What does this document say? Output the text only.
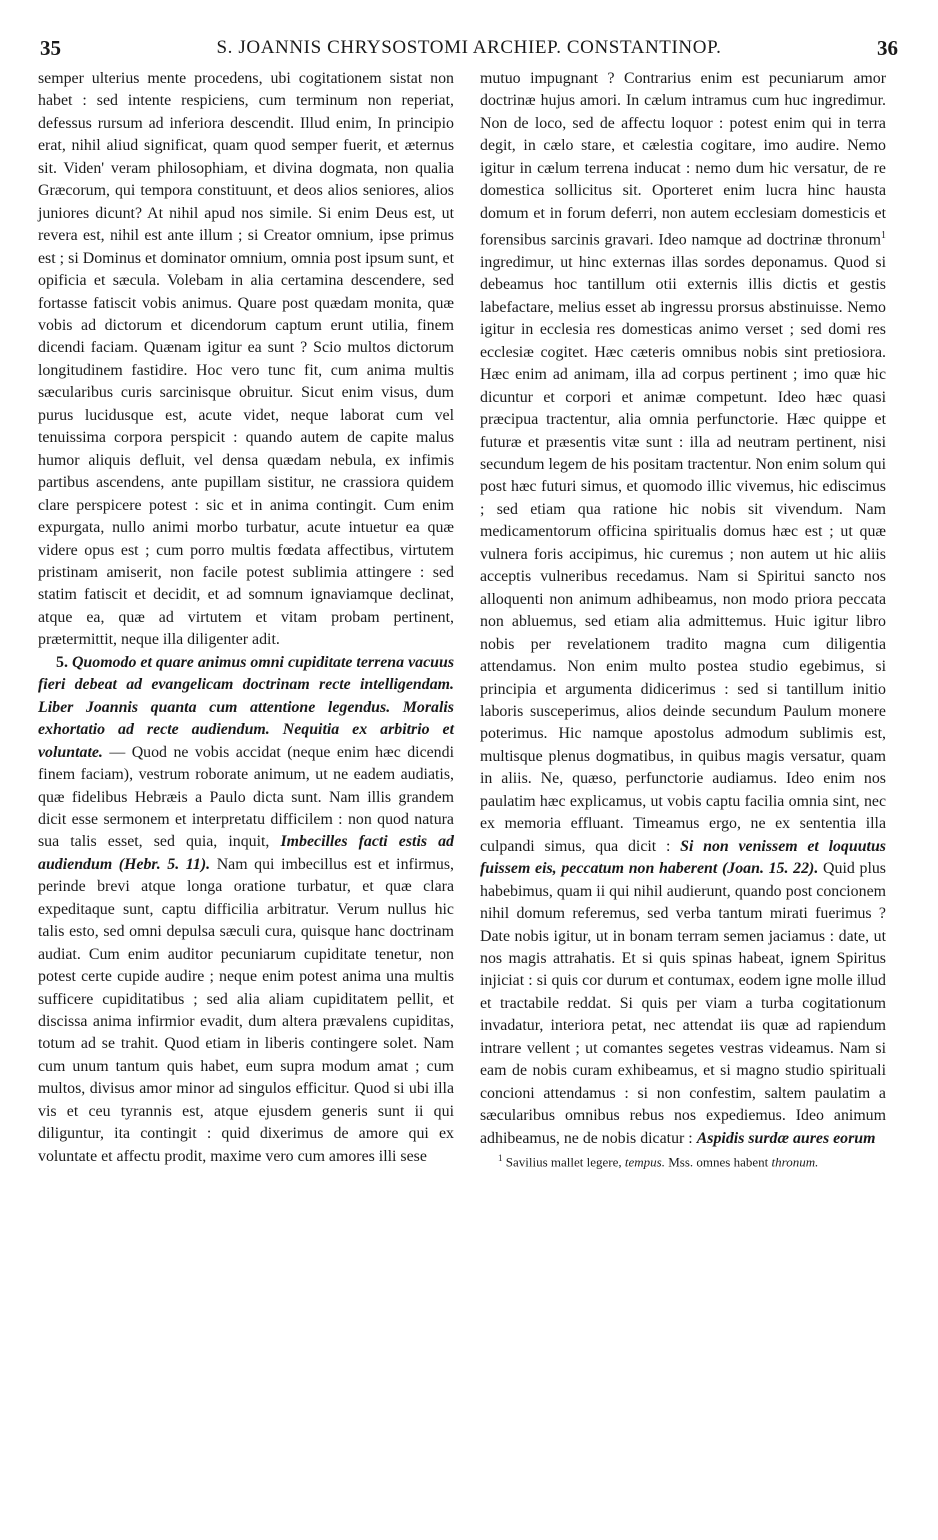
35	S. JOANNIS CHRYSOSTOMI ARCHIEP. CONSTANTINOP.	36

semper ulterius mente procedens, ubi cogitationem sistat non habet : sed intente respiciens, cum terminum non reperiat, defessus rursum ad inferiora descendit. Illud enim, In principio erat, nihil aliud significat, quam quod semper fuerit, et æternus sit. Viden' veram philosophiam, et divina dogmata, non qualia Græcorum, qui tempora constituunt, et deos alios seniores, alios juniores dicunt? At nihil apud nos simile. Si enim Deus est, ut revera est, nihil est ante illum ; si Creator omnium, ipse primus est ; si Dominus et dominator omnium, omnia post ipsum sunt, et opificia et sæcula. Volebam in alia certamina descendere, sed fortasse fatiscit vobis animus. Quare post quædam monita, quæ vobis ad dictorum et dicendorum captum erunt utilia, finem dicendi faciam. Quænam igitur ea sunt ? Scio multos dictorum longitudinem fastidire. Hoc vero tunc fit, cum anima multis sæcularibus curis sarcinisque obruitur. Sicut enim visus, dum purus lucidusque est, acute videt, neque laborat cum vel tenuissima corpora perspicit : quando autem de capite malus humor aliquis defluit, vel densa quædam nebula, ex infimis partibus ascendens, ante pupillam sistitur, ne crassiora quidem clare perspicere potest : sic et in anima contingit. Cum enim expurgata, nullo animi morbo turbatur, acute intuetur ea quæ videre opus est ; cum porro multis fœdata affectibus, virtutem pristinam amiserit, non facile potest sublimia attingere : sed statim fatiscit et decidit, et ad somnum ignaviamque declinat, atque ea, quæ ad virtutem et vitam probam pertinent, prætermittit, neque illa diligenter adit.

5. Quomodo et quare animus omni cupiditate terrena vacuus fieri debeat ad evangelicam doctrinam recte intelligendam. Liber Joannis quanta cum attentione legendus. Moralis exhortatio ad recte audiendum. Nequitia ex arbitrio et voluntate. — Quod ne vobis accidat (neque enim hæc dicendi finem faciam), vestrum roborate animum, ut ne eadem audiatis, quæ fidelibus Hebræis a Paulo dicta sunt. Nam illis grandem dicit esse sermonem et interpretatu difficilem : non quod natura sua talis esset, sed quia, inquit, Imbecilles facti estis ad audiendum (Hebr. 5. 11). Nam qui imbecillus est et infirmus, perinde brevi atque longa oratione turbatur, et quæ clara expeditaque sunt, captu difficilia arbitratur. Verum nullus hic talis esto, sed omni depulsa sæculi cura, quisque hanc doctrinam audiat. Cum enim auditor pecuniarum cupiditate tenetur, non potest certe cupide audire ; neque enim potest anima una multis sufficere cupiditatibus ; sed alia aliam cupiditatem pellit, et discissa anima infirmior evadit, dum altera prævalens cupiditas, totum ad se trahit. Quod etiam in liberis contingere solet. Nam cum unum tantum quis habet, eum supra modum amat ; cum multos, divisus amor minor ad singulos efficitur. Quod si ubi illa vis et ceu tyrannis est, atque ejusdem generis sunt ii qui diliguntur, ita contingit : quid dixerimus de amore qui ex voluntate et affectu prodit, maxime vero cum amores illi sese

mutuo impugnant ? Contrarius enim est pecuniarum amor doctrinæ hujus amori. In cælum intramus cum huc ingredimur. Non de loco, sed de affectu loquor : potest enim qui in terra degit, in cælo stare, et cælestia cogitare, imo audire. Nemo igitur in cælum terrena inducat : nemo dum hic versatur, de re domestica sollicitus sit. Oporteret enim lucra hinc hausta domum et in forum deferri, non autem ecclesiam domesticis et forensibus sarcinis gravari. Ideo namque ad doctrinæ thronum$^1$ ingredimur, ut hinc externas illas sordes deponamus. Quod si debeamus hoc tantillum otii externis illis dictis et gestis labefactare, melius esset ab ingressu prorsus abstinuisse. Nemo igitur in ecclesia res domesticas animo verset ; sed domi res ecclesiæ cogitet. Hæc cæteris omnibus nobis sint pretiosiora. Hæc enim ad animam, illa ad corpus pertinent ; imo quæ hic dicuntur et corpori et animæ competunt. Ideo hæc quasi præcipua tractentur, alia omnia perfunctorie. Hæc quippe et futuræ et præsentis vitæ sunt : illa ad neutram pertinent, nisi secundum legem de his positam tractentur. Non enim solum qui post hæc futuri simus, et quomodo illic vivemus, hic ediscimus ; sed etiam qua ratione hic nobis sit vivendum. Nam medicamentorum officina spiritualis domus hæc est ; ut quæ vulnera foris accipimus, hic curemus ; non autem ut hic aliis acceptis vulneribus recedamus. Nam si Spiritui sancto nos alloquenti non animum adhibeamus, non modo priora peccata non abluemus, sed etiam alia admittemus. Huic igitur libro nobis per revelationem tradito magna cum diligentia attendamus. Non enim multo postea studio egebimus, si principia et argumenta didicerimus : sed si tantillum initio laboris susceperimus, alios deinde secundum Paulum monere poterimus. Hic namque apostolus admodum sublimis est, multisque plenus dogmatibus, in quibus magis versatur, quam in aliis. Ne, quæso, perfunctorie audiamus. Ideo enim nos paulatim hæc explicamus, ut vobis captu facilia omnia sint, nec ex memoria effluant. Timeamus ergo, ne ex sententia illa culpandi simus, qua dicit : Si non venissem et loquutus fuissem eis, peccatum non haberent (Joan. 15. 22). Quid plus habebimus, quam ii qui nihil audierunt, quando post concionem nihil domum referemus, sed verba tantum mirati fuerimus ? Date nobis igitur, ut in bonam terram semen jaciamus : date, ut nos magis attrahatis. Et si quis spinas habeat, ignem Spiritus injiciat : si quis cor durum et contumax, eodem igne molle illud et tractabile reddat. Si quis per viam a turba cogitationum invadatur, interiora petat, nec attendat iis quæ ad rapiendum intrare vellent ; ut comantes segetes vestras videamus. Nam si eam de nobis curam exhibeamus, et si magno studio spirituali concioni attendamus : si non confestim, saltem paulatim a sæcularibus omnibus rebus nos expediemus. Ideo animum adhibeamus, ne de nobis dicatur : Aspidis surdæ aures eorum

$^1$ Savilius mallet legere, tempus. Mss. omnes habent thronum.
